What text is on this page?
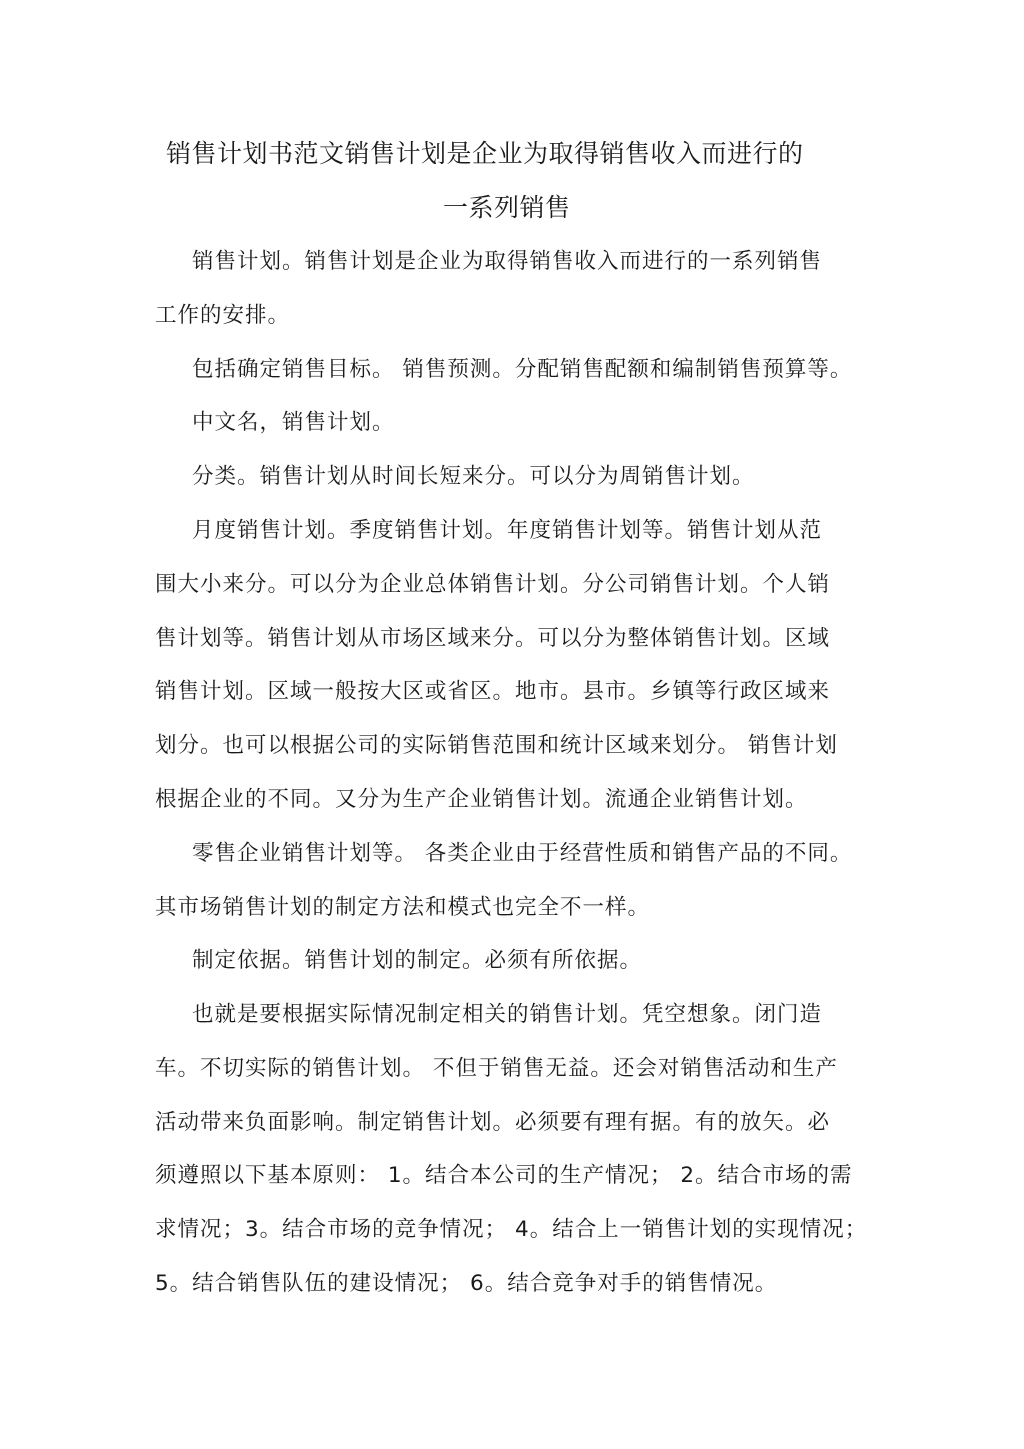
销售计划书范文销售计划是企业为取得销售收入而进行的
一系列销售
销售计划。销售计划是企业为取得销售收入而进行的一系列销售
工作的安排。
包括确定销售目标。 销售预测。分配销售配额和编制销售预算等。
中文名，销售计划。
分类。销售计划从时间长短来分。可以分为周销售计划。
月度销售计划。季度销售计划。年度销售计划等。销售计划从范
围大小来分。可以分为企业总体销售计划。分公司销售计划。个人销
售计划等。销售计划从市场区域来分。可以分为整体销售计划。区域
销售计划。区域一般按大区或省区。地市。县市。乡镇等行政区域来
划分。也可以根据公司的实际销售范围和统计区域来划分。 销售计划
根据企业的不同。又分为生产企业销售计划。流通企业销售计划。
零售企业销售计划等。 各类企业由于经营性质和销售产品的不同。
其市场销售计划的制定方法和模式也完全不一样。
制定依据。销售计划的制定。必须有所依据。
也就是要根据实际情况制定相关的销售计划。凭空想象。闭门造
车。不切实际的销售计划。 不但于销售无益。还会对销售活动和生产
活动带来负面影响。制定销售计划。必须要有理有据。有的放矢。必
须遵照以下基本原则： 1。结合本公司的生产情况； 2。结合市场的需
求情况；3。结合市场的竞争情况； 4。结合上一销售计划的实现情况；
5。结合销售队伍的建设情况； 6。结合竞争对手的销售情况。
